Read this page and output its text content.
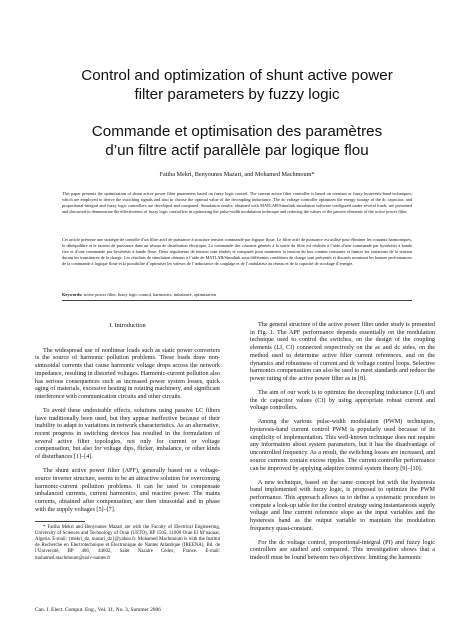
Control and optimization of shunt active power
filter parameters by fuzzy logic
Commande et optimisation des paramètres
d’un filtre actif parallèle par logique flou
Fatiha Mekri, Benyounes Mazari, and Mohamed Machmoum*
This paper presents the optimization of shunt active power filter parameters based on fuzzy logic control. The current active filter controller is based on constant or fuzzy hysteresis-band techniques, which are employed to derive the switching signals and also to choose the optimal value of the decoupling inductance. The dc voltage controller optimizes the energy storage of the dc capacitor, and proportional-integral and fuzzy logic controllers are developed and compared. Simulation results, obtained with MATLAB/Simulink simulation software configured under several loads, are presented and discussed to demonstrate the effectiveness of fuzzy logic controllers in optimizing the pulse-width modulation technique and reducing the values of the passive elements of the active power filter.
Cet article présente une stratégie de contrôle d’un filtre actif de puissance à structure tension commandé par logique floue. Le filtre actif de puissance est utilisé pour éliminer les courants harmoniques, le déséquilibre et le facteur de puissance dans un réseau de distribution électrique. La commande des courants générés à la sortie du filtre est réalisée à l’aide d’une commande par hystérésis à bande fixe et d’une commande par hystérésis à bande floue. Deux régulateurs de tension sont étudiés et comparés pour maintenir la tension du bus continu constante et limiter les variations de la tension durant les transitoires de la charge. Les résultats de simulation obtenus à l’aide de MATLAB/Simulink sous différentes conditions de charge sont présentés et discutés montrant les bonnes performances de la commande à logique floue et la possibilité d’optimiser les valeurs de l’inductance de couplage et de l’ondulateur au réseau et de la capacité de stockage d’énergie.
Keywords: active power filter, fuzzy logic control, harmonics, imbalance, optimization
I. Introduction

The widespread use of nonlinear loads such as static power converters is the source of harmonic pollution problems. These loads draw non-sinusoidal currents that cause harmonic voltage drops across the network impedance, resulting in distorted voltages. Harmonic-current pollution also has serious consequences such as increased power system losses, quick aging of materials, excessive heating in rotating machinery, and significant interference with communication circuits and other circuits.

To avoid these undesirable effects, solutions using passive LC filters have traditionally been used, but they appear ineffective because of their inability to adapt to variations in network characteristics. As an alternative, recent progress in switching devices has resulted in the formulation of several active filter topologies, not only for current or voltage compensation, but also for voltage dips, flicker, imbalance, or other kinds of disturbances [1]–[4].

The shunt active power filter (APF), generally based on a voltage-source inverter structure, seems to be an attractive solution for overcoming harmonic-current pollution problems. It can be used to compensate unbalanced currents, current harmonics, and reactive power. The mains currents, obtained after compensation, are then sinusoidal and in phase with the supply voltages [5]–[7].

* Fatiha Mekri and Benyounes Mazari are with the Faculty of Electrical Engineering, University of Sciences and Technology of Oran (USTO), BP 1505, 31000 Oran El M’naouar, Algeria. E-mail: {mekri_dz, mazari_dz}@yahoo.fr. Mohamed Machmoum is with the Institut de Recherche en Electrotechnique et Électronique de Nantes Atlantique (IREENA), Bd. de l’Université, BP 406, 44602, Saint Nazaire Cédex, France. E-mail: mohamed.machmoum@univ-nantes.fr

The general structure of the active power filter under study is presented in Fig. 1. The APF performance depends essentially on the modulation technique used to control the switches, on the design of the coupling elements (Lf, Cf) connected respectively on the ac and dc sides, on the method used to determine active filter current references, and on the dynamics and robustness of current and dc voltage control loops. Selective harmonics compensation can also be used to meet standards and reduce the power rating of the active power filter as in [8].

The aim of our work is to optimize the decoupling inductance (Lf) and the dc capacitor values (Cf) by using appropriate robust current and voltage controllers.

Among the various pulse-width modulation (PWM) techniques, hysteresis-band current control PWM is popularly used because of its simplicity of implementation. This well-known technique does not require any information about system parameters, but it has the disadvantage of uncontrolled frequency. As a result, the switching losses are increased, and source currents contain excess ripples. The current controller performance can be improved by applying adaptive control system theory [9]–[10].

A new technique, based on the same concept but with the hysteresis band implemented with fuzzy logic, is proposed to optimize the PWM performance. This approach allows us to define a systematic procedure to compute a look-up table for the control strategy using instantaneous supply voltage and line current reference slope as the input variables and the hysteresis band as the output variable to maintain the modulation frequency quasi-constant.

For the dc voltage control, proportional-integral (PI) and fuzzy logic controllers are studied and compared. This investigation shows that a tradeoff must be found between two objectives: limiting the harmonic

Can. J. Elect. Comput. Eng., Vol. 31, No. 3, Summer 2006
